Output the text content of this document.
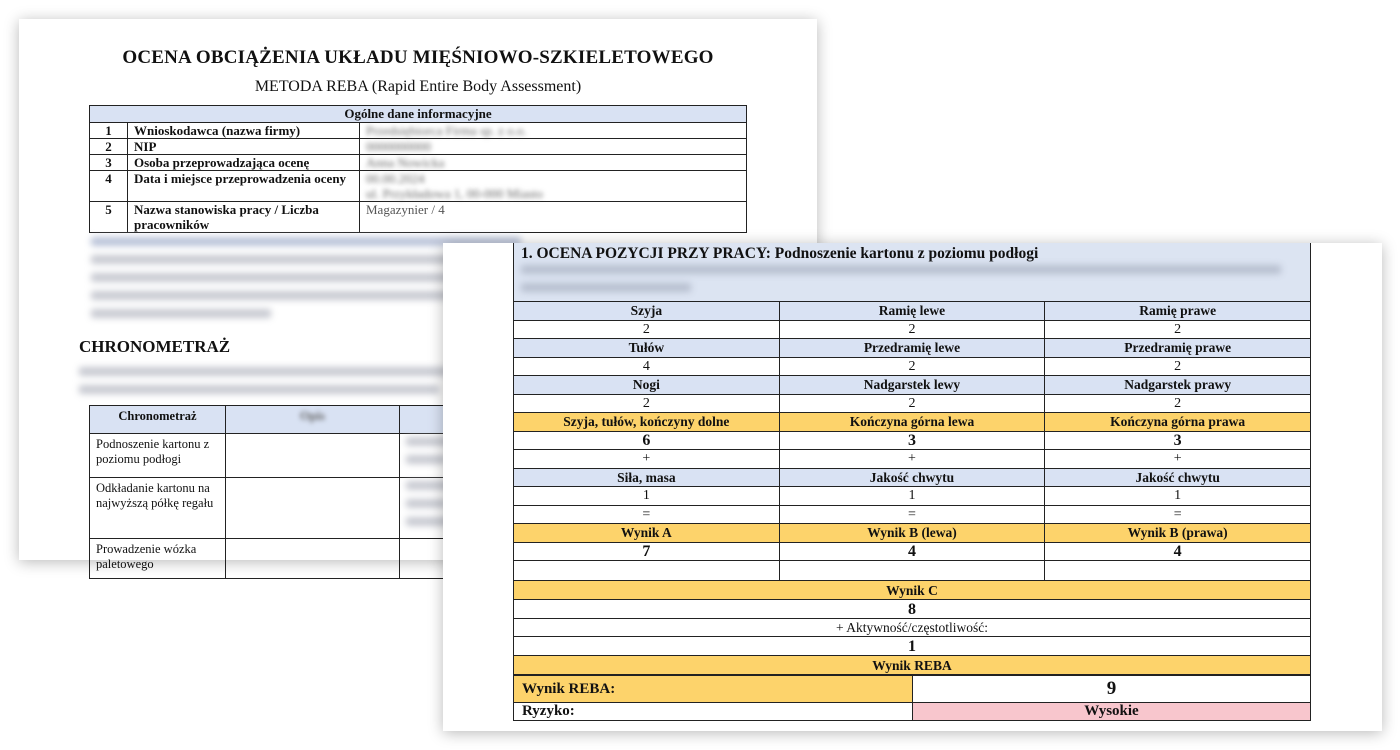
OCENA OBCIĄŻENIA UKŁADU MIĘŚNIOWO-SZKIELETOWEGO
METODA REBA (Rapid Entire Body Assessment)
Ogólne dane informacyjne		
1	Wnioskodawca (nazwa firmy)	Przedsiębiorca Firma sp. z o.o.
2	NIP	0000000000
3	Osoba przeprowadzająca ocenę	Anna Nowicka
4	Data i miejsce przeprowadzenia oceny	00.00.2024
ul. Przykładowa 1, 00-000 Miasto

5	Nazwa stanowiska pracy / Liczba pracowników	Magazynier / 4
CHRONOMETRAŻ
Chronometraż	Opis	
Podnoszenie kartonu z poziomu podłogi		

Odkładanie kartonu na najwyższą półkę regału		

Prowadzenie wózka paletowego		
1. OCENA POZYCJI PRZY PRACY: Podnoszenie kartonu z poziomu podłogi
Szyja	Ramię lewe	Ramię prawe
2	2	2
Tułów	Przedramię lewe	Przedramię prawe
4	2	2
Nogi	Nadgarstek lewy	Nadgarstek prawy
2	2	2
Szyja, tułów, kończyny dolne	Kończyna górna lewa	Kończyna górna prawa
6	3	3
+	+	+
Siła, masa	Jakość chwytu	Jakość chwytu
1	1	1
=	=	=
Wynik A	Wynik B (lewa)	Wynik B (prawa)
7	4	4

Wynik C
8
+ Aktywność/częstotliwość:
1
Wynik REBA
Wynik REBA:	9
Ryzyko:	Wysokie
